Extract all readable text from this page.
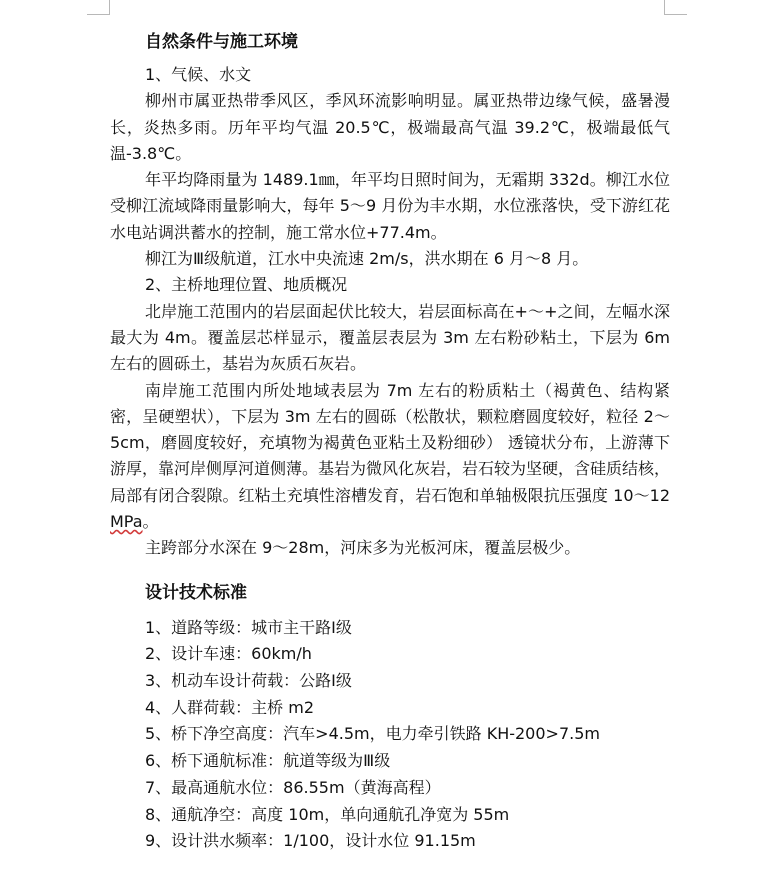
自然条件与施工环境

1、气候、水文

柳州市属亚热带季风区，季风环流影响明显。属亚热带边缘气候，盛暑漫长，炎热多雨。历年平均气温 20.5℃，极端最高气温 39.2℃，极端最低气温-3.8℃。

年平均降雨量为 1489.1㎜，年平均日照时间为，无霜期 332d。柳江水位受柳江流域降雨量影响大，每年 5～9 月份为丰水期，水位涨落快，受下游红花水电站调洪蓄水的控制，施工常水位+77.4m。

柳江为Ⅲ级航道，江水中央流速 2m/s，洪水期在 6 月～8 月。

2、主桥地理位置、地质概况

北岸施工范围内的岩层面起伏比较大，岩层面标高在+～+之间，左幅水深最大为 4m。覆盖层芯样显示，覆盖层表层为 3m 左右粉砂粘土，下层为 6m 左右的圆砾土，基岩为灰质石灰岩。

南岸施工范围内所处地域表层为 7m 左右的粉质粘土（褐黄色、结构紧密，呈硬塑状），下层为 3m 左右的圆砾（松散状，颗粒磨圆度较好，粒径 2～5cm，磨圆度较好，充填物为褐黄色亚粘土及粉细砂） 透镜状分布，上游薄下游厚，靠河岸侧厚河道侧薄。基岩为微风化灰岩，岩石较为坚硬，含硅质结核，局部有闭合裂隙。红粘土充填性溶槽发育，岩石饱和单轴极限抗压强度 10～12 MPa。

主跨部分水深在 9～28m，河床多为光板河床，覆盖层极少。

设计技术标准
1、道路等级：城市主干路Ⅰ级
2、设计车速：60km/h
3、机动车设计荷载：公路Ⅰ级
4、人群荷载：主桥 m2
5、桥下净空高度：汽车>4.5m，电力牵引铁路 KH-200>7.5m
6、桥下通航标准：航道等级为Ⅲ级
7、最高通航水位：86.55m（黄海高程）
8、通航净空：高度 10m，单向通航孔净宽为 55m
9、设计洪水频率：1/100，设计水位 91.15m
